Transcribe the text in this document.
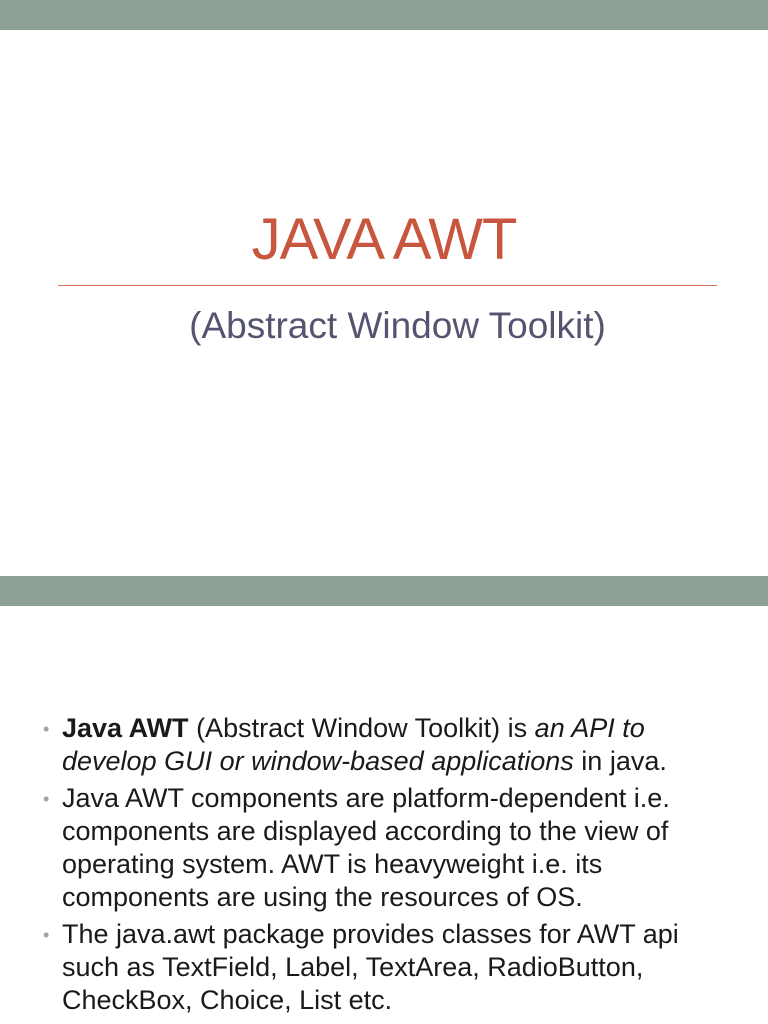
JAVA AWT
(Abstract Window Toolkit)
• Java AWT (Abstract Window Toolkit) is an API to develop GUI or window-based applications in java.
• Java AWT components are platform-dependent i.e. components are displayed according to the view of operating system. AWT is heavyweight i.e. its components are using the resources of OS.
• The java.awt package provides classes for AWT api such as TextField, Label, TextArea, RadioButton, CheckBox, Choice, List etc.
